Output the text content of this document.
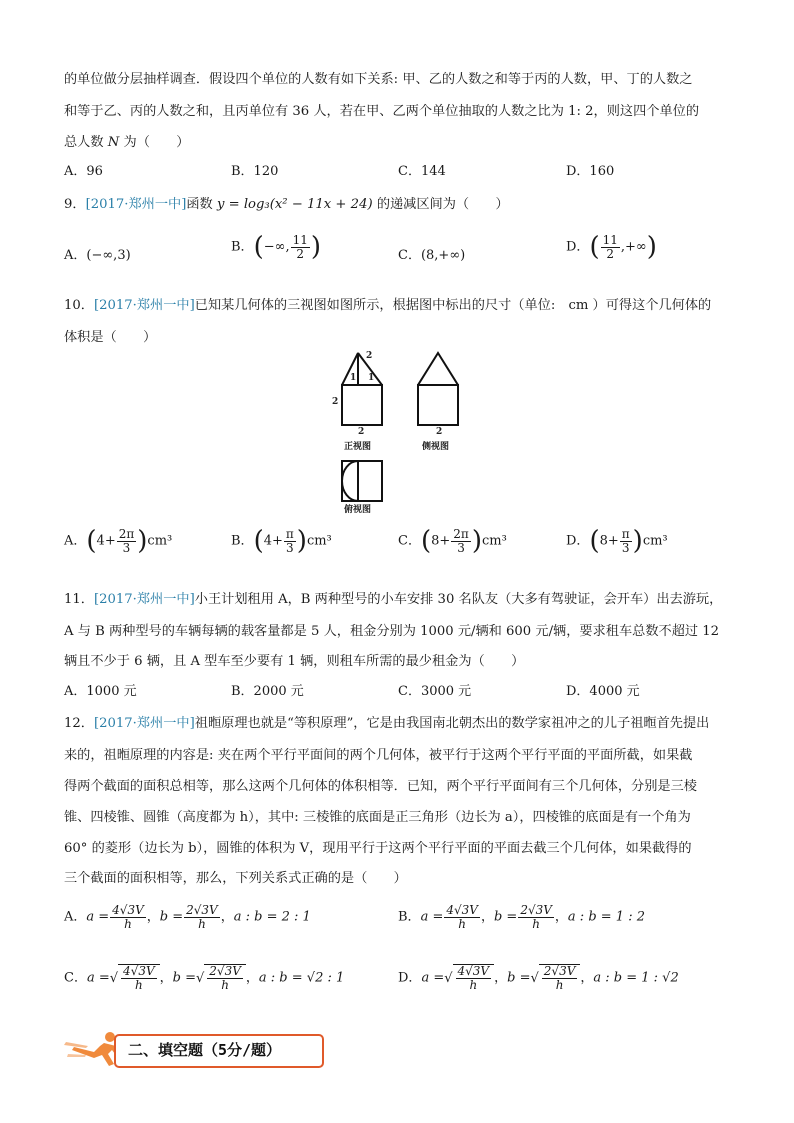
的单位做分层抽样调查．假设四个单位的人数有如下关系: 甲、乙的人数之和等于丙的人数，甲、丁的人数之
和等于乙、丙的人数之和，且丙单位有 36 人，若在甲、乙两个单位抽取的人数之比为 1: 2，则这四个单位的
总人数 N 为（　　）
A．96	B．120	C．144	D．160
9．[2017·郑州一中]函数 y = log₃(x² − 11x + 24) 的递减区间为（　　）
A．(−∞,3)
B．(−∞, $\frac{11}{2}$ )	C．(8,+∞)
D．( $\frac{11}{2}$ ,+∞)
10．[2017·郑州一中]已知某几何体的三视图如图所示，根据图中标出的尺寸（单位:　cm ）可得这个几何体的
体积是（　　）
2
1 1
2
2	2
正视图	侧视图
俯视图
A．$(4+ \frac{2\pi}{3} )cm^3$	B．$(4+ \frac{\pi}{3} )cm^3$	C．$(8+ \frac{2\pi}{3} )cm^3$	D．$(8+ \frac{\pi}{3} )cm^3$
11．[2017·郑州一中]小王计划租用 A，B 两种型号的小车安排 30 名队友（大多有驾驶证，会开车）出去游玩，
A 与 B 两种型号的车辆每辆的载客量都是 5 人，租金分别为 1000 元/辆和 600 元/辆，要求租车总数不超过 12
辆且不少于 6 辆，且 A 型车至少要有 1 辆，则租车所需的最少租金为（　　）
A．1000 元	B．2000 元	C．3000 元	D．4000 元
12．[2017·郑州一中]祖暅原理也就是“等积原理”，它是由我国南北朝杰出的数学家祖冲之的儿子祖暅首先提出
来的，祖暅原理的内容是: 夹在两个平行平面间的两个几何体，被平行于这两个平行平面的平面所截，如果截
得两个截面的面积总相等，那么这两个几何体的体积相等．已知，两个平行平面间有三个几何体，分别是三棱
锥、四棱锥、圆锥（高度都为 h），其中: 三棱锥的底面是正三角形（边长为 a），四棱锥的底面是有一个角为
60° 的菱形（边长为 b），圆锥的体积为 V，现用平行于这两个平行平面的平面去截三个几何体，如果截得的
三个截面的面积相等，那么，下列关系式正确的是（　　）
A．$a = \frac{4√3V}{h}$ ，$b = \frac{2√3V}{h}$ ，a : b = 2 : 1	B．$a = \frac{4√3V}{h}$ ，$b = \frac{2√3V}{h}$ ，a : b = 1 : 2
C．a =√ $\frac{4√3V}{h}$ ，b =√ $\frac{2√3V}{h}$ ，a : b = √2 : 1	D．a =√ $\frac{4√3V}{h}$ ，b =√ $\frac{2√3V}{h}$ ，a : b = 1 : √2
二、填空题（5分/题）
